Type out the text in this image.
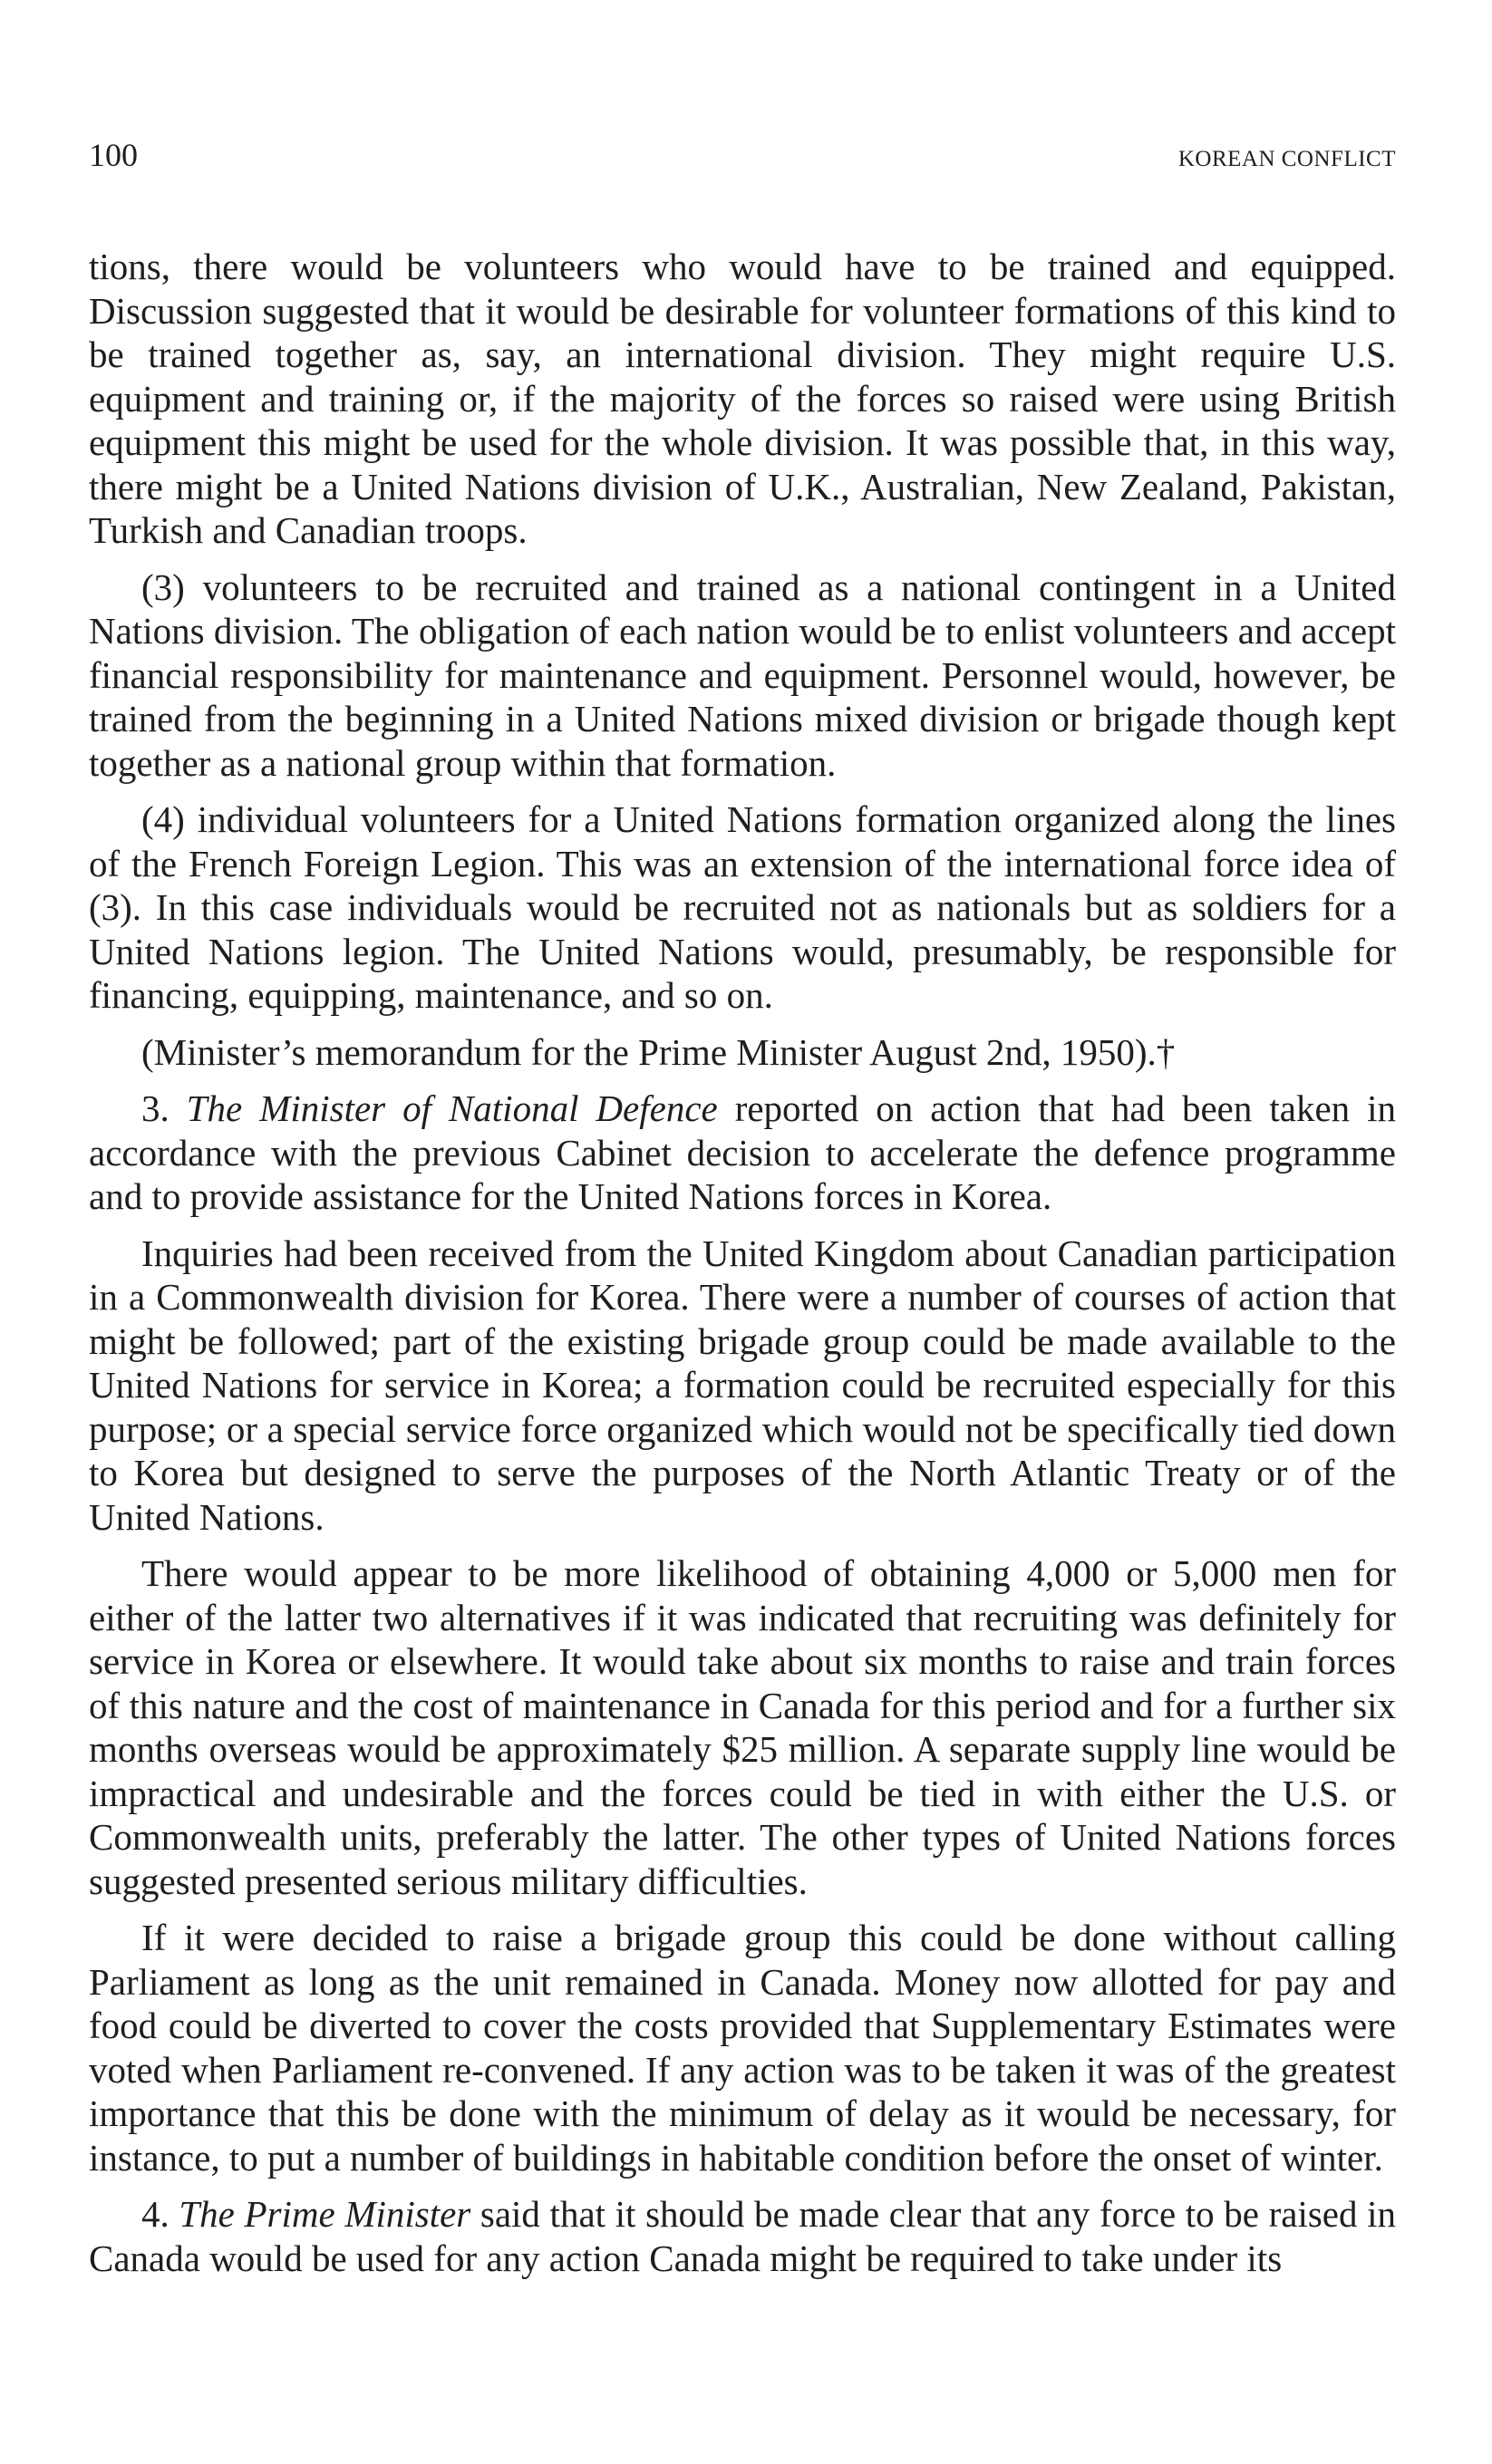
100	KOREAN CONFLICT

tions, there would be volunteers who would have to be trained and equipped. Discussion suggested that it would be desirable for volunteer formations of this kind to be trained together as, say, an international division. They might require U.S. equipment and training or, if the majority of the forces so raised were using British equipment this might be used for the whole division. It was possible that, in this way, there might be a United Nations division of U.K., Australian, New Zealand, Pakistan, Turkish and Canadian troops.

(3) volunteers to be recruited and trained as a national contingent in a United Nations division. The obligation of each nation would be to enlist volunteers and accept financial responsibility for maintenance and equipment. Personnel would, however, be trained from the beginning in a United Nations mixed division or brigade though kept together as a national group within that formation.

(4) individual volunteers for a United Nations formation organized along the lines of the French Foreign Legion. This was an extension of the international force idea of (3). In this case individuals would be recruited not as nationals but as soldiers for a United Nations legion. The United Nations would, presumably, be responsible for financing, equipping, maintenance, and so on.

(Minister’s memorandum for the Prime Minister August 2nd, 1950).†

3. The Minister of National Defence reported on action that had been taken in accordance with the previous Cabinet decision to accelerate the defence programme and to provide assistance for the United Nations forces in Korea.

Inquiries had been received from the United Kingdom about Canadian participation in a Commonwealth division for Korea. There were a number of courses of action that might be followed; part of the existing brigade group could be made available to the United Nations for service in Korea; a formation could be recruited especially for this purpose; or a special service force organized which would not be specifically tied down to Korea but designed to serve the purposes of the North Atlantic Treaty or of the United Nations.

There would appear to be more likelihood of obtaining 4,000 or 5,000 men for either of the latter two alternatives if it was indicated that recruiting was definitely for service in Korea or elsewhere. It would take about six months to raise and train forces of this nature and the cost of maintenance in Canada for this period and for a further six months overseas would be approximately $25 million. A separate supply line would be impractical and undesirable and the forces could be tied in with either the U.S. or Commonwealth units, preferably the latter. The other types of United Nations forces suggested presented serious military difficulties.

If it were decided to raise a brigade group this could be done without calling Parliament as long as the unit remained in Canada. Money now allotted for pay and food could be diverted to cover the costs provided that Supplementary Estimates were voted when Parliament re-convened. If any action was to be taken it was of the greatest importance that this be done with the minimum of delay as it would be necessary, for instance, to put a number of buildings in habitable condition before the onset of winter.

4. The Prime Minister said that it should be made clear that any force to be raised in Canada would be used for any action Canada might be required to take under its
